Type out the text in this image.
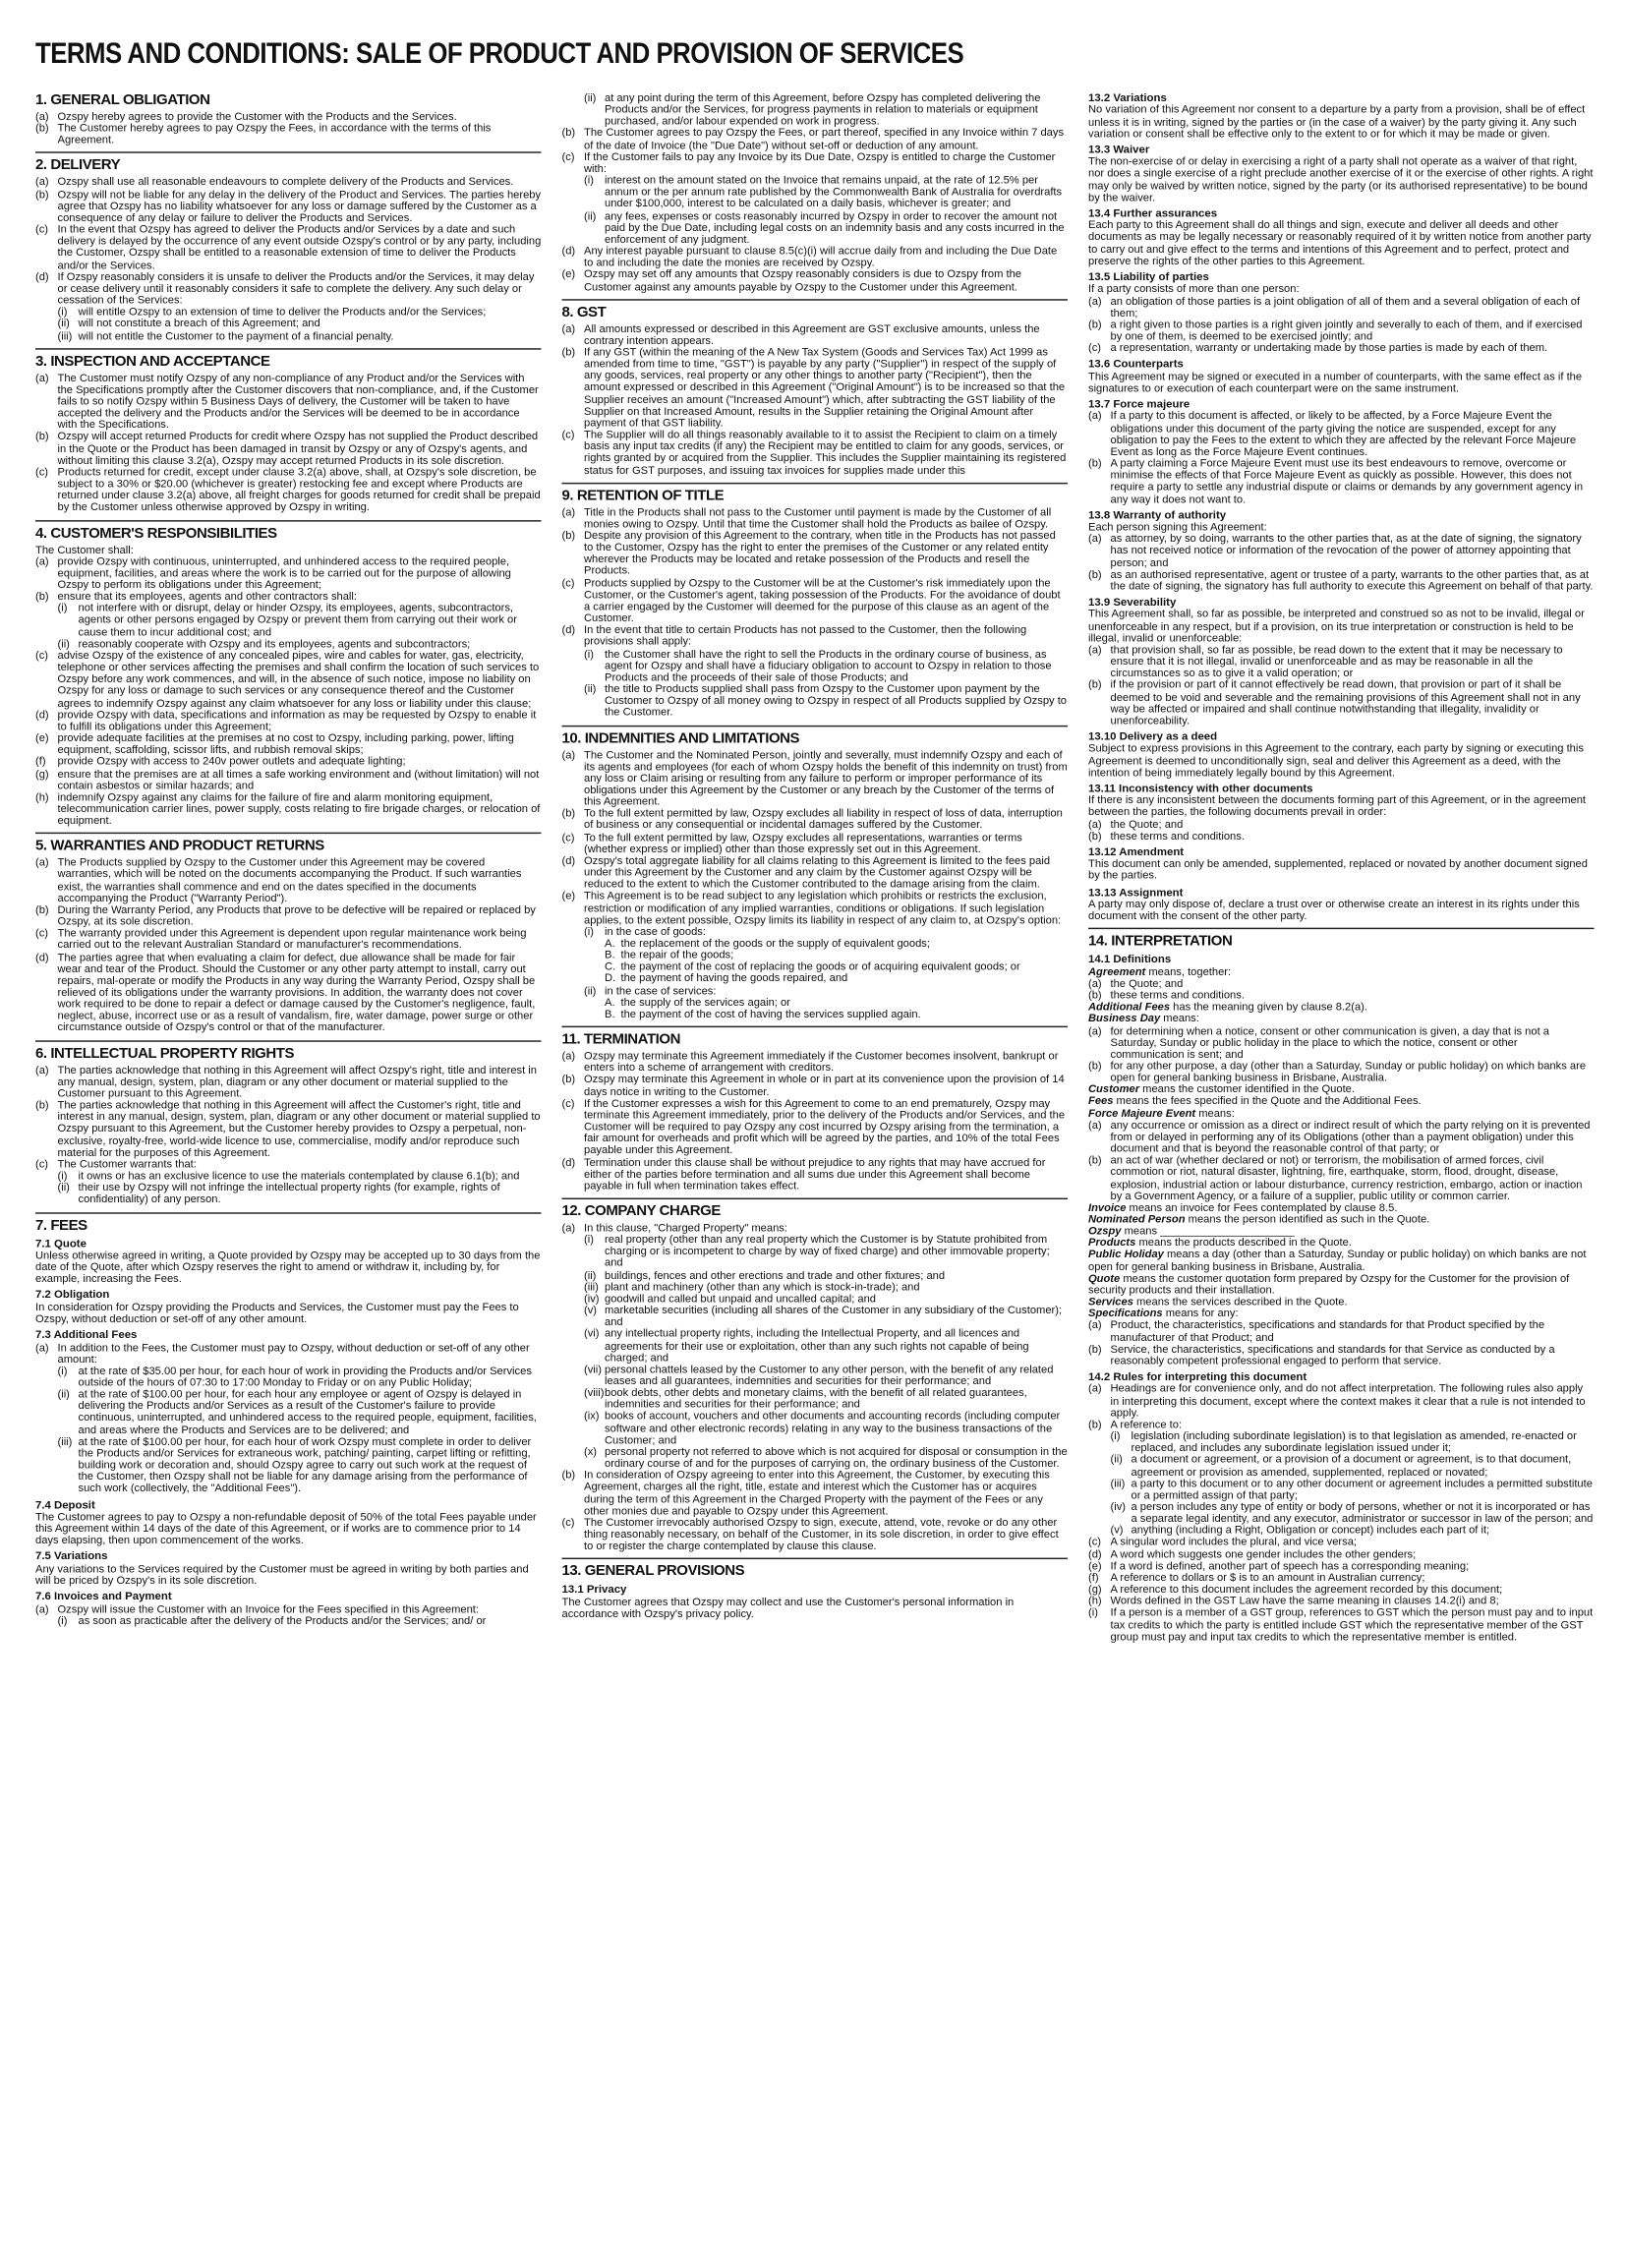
TERMS AND CONDITIONS: SALE OF PRODUCT AND PROVISION OF SERVICES
1. GENERAL OBLIGATION
(a)	Ozspy hereby agrees to provide the Customer with the Products and the Services.
(b)	The Customer hereby agrees to pay Ozspy the Fees, in accordance with the terms of this Agreement.
2. DELIVERY
(a)	Ozspy shall use all reasonable endeavours to complete delivery of the Products and Services.
(b)	Ozspy will not be liable for any delay in the delivery of the Product and Services. The parties hereby agree that Ozspy has no liability whatsoever for any loss or damage suffered by the Customer as a consequence of any delay or failure to deliver the Products and Services.
(c)	In the event that Ozspy has agreed to deliver the Products and/or Services by a date and such delivery is delayed by the occurrence of any event outside Ozspy's control or by any party, including the Customer, Ozspy shall be entitled to a reasonable extension of time to deliver the Products and/or the Services.
(d)	If Ozspy reasonably considers it is unsafe to deliver the Products and/or the Services, it may delay or cease delivery until it reasonably considers it safe to complete the delivery. Any such delay or cessation of the Services:
(i)	will entitle Ozspy to an extension of time to deliver the Products and/or the Services;
(ii)	will not constitute a breach of this Agreement; and
(iii) will not entitle the Customer to the payment of a financial penalty.
3. INSPECTION AND ACCEPTANCE
(a)	The Customer must notify Ozspy of any non-compliance of any Product and/or the Services with the Specifications promptly after the Customer discovers that non-compliance, and, if the Customer fails to so notify Ozspy within 5 Business Days of delivery, the Customer will be taken to have accepted the delivery and the Products and/or the Services will be deemed to be in accordance with the Specifications.
(b)	Ozspy will accept returned Products for credit where Ozspy has not supplied the Product described in the Quote or the Product has been damaged in transit by Ozspy or any of Ozspy's agents, and without limiting this clause 3.2(a), Ozspy may accept returned Products in its sole discretion.
(c)	Products returned for credit, except under clause 3.2(a) above, shall, at Ozspy's sole discretion, be subject to a 30% or $20.00 (whichever is greater) restocking fee and except where Products are returned under clause 3.2(a) above, all freight charges for goods returned for credit shall be prepaid by the Customer unless otherwise approved by Ozspy in writing.
4. CUSTOMER'S RESPONSIBILITIES

The Customer shall:

(a)	provide Ozspy with continuous, uninterrupted, and unhindered access to the required people, equipment, facilities, and areas where the work is to be carried out for the purpose of allowing Ozspy to perform its obligations under this Agreement;
(b)	ensure that its employees, agents and other contractors shall:
(i)	not interfere with or disrupt, delay or hinder Ozspy, its employees, agents, subcontractors, agents or other persons engaged by Ozspy or prevent them from carrying out their work or cause them to incur additional cost; and
(ii)	reasonably cooperate with Ozspy and its employees, agents and subcontractors;
(c)	advise Ozspy of the existence of any concealed pipes, wire and cables for water, gas, electricity, telephone or other services affecting the premises and shall confirm the location of such services to Ozspy before any work commences, and will, in the absence of such notice, impose no liability on Ozspy for any loss or damage to such services or any consequence thereof and the Customer agrees to indemnify Ozspy against any claim whatsoever for any loss or liability under this clause;
(d)	provide Ozspy with data, specifications and information as may be requested by Ozspy to enable it to fulfill its obligations under this Agreement;
(e)	provide adequate facilities at the premises at no cost to Ozspy, including parking, power, lifting equipment, scaffolding, scissor lifts, and rubbish removal skips;
(f)	provide Ozspy with access to 240v power outlets and adequate lighting;
(g)	ensure that the premises are at all times a safe working environment and (without limitation) will not contain asbestos or similar hazards; and
(h)	indemnify Ozspy against any claims for the failure of fire and alarm monitoring equipment, telecommunication carrier lines, power supply, costs relating to fire brigade charges, or relocation of equipment.
5. WARRANTIES AND PRODUCT RETURNS
(a)	The Products supplied by Ozspy to the Customer under this Agreement may be covered warranties, which will be noted on the documents accompanying the Product. If such warranties exist, the warranties shall commence and end on the dates specified in the documents accompanying the Product ("Warranty Period").
(b)	During the Warranty Period, any Products that prove to be defective will be repaired or replaced by Ozspy, at its sole discretion.
(c)	The warranty provided under this Agreement is dependent upon regular maintenance work being carried out to the relevant Australian Standard or manufacturer's recommendations.
(d)	The parties agree that when evaluating a claim for defect, due allowance shall be made for fair wear and tear of the Product. Should the Customer or any other party attempt to install, carry out repairs, mal-operate or modify the Products in any way during the Warranty Period, Ozspy shall be relieved of its obligations under the warranty provisions. In addition, the warranty does not cover work required to be done to repair a defect or damage caused by the Customer's negligence, fault, neglect, abuse, incorrect use or as a result of vandalism, fire, water damage, power surge or other circumstance outside of Ozspy's control or that of the manufacturer.
6. INTELLECTUAL PROPERTY RIGHTS
(a)	The parties acknowledge that nothing in this Agreement will affect Ozspy's right, title and interest in any manual, design, system, plan, diagram or any other document or material supplied to the Customer pursuant to this Agreement.
(b)	The parties acknowledge that nothing in this Agreement will affect the Customer's right, title and interest in any manual, design, system, plan, diagram or any other document or material supplied to Ozspy pursuant to this Agreement, but the Customer hereby provides to Ozspy a perpetual, non-exclusive, royalty-free, world-wide licence to use, commercialise, modify and/or reproduce such material for the purposes of this Agreement.
(c)	The Customer warrants that:
(i)	it owns or has an exclusive licence to use the materials contemplated by clause 6.1(b); and
(ii)	their use by Ozspy will not infringe the intellectual property rights (for example, rights of confidentiality) of any person.
7. FEES
7.1 Quote

Unless otherwise agreed in writing, a Quote provided by Ozspy may be accepted up to 30 days from the date of the Quote, after which Ozspy reserves the right to amend or withdraw it, including by, for example, increasing the Fees.

7.2 Obligation

In consideration for Ozspy providing the Products and Services, the Customer must pay the Fees to Ozspy, without deduction or set-off of any other amount.

7.3 Additional Fees
(a)	In addition to the Fees, the Customer must pay to Ozspy, without deduction or set-off of any other amount:
(i)	at the rate of $35.00 per hour, for each hour of work in providing the Products and/or Services outside of the hours of 07:30 to 17:00 Monday to Friday or on any Public Holiday;
(ii)	at the rate of $100.00 per hour, for each hour any employee or agent of Ozspy is delayed in delivering the Products and/or Services as a result of the Customer's failure to provide continuous, uninterrupted, and unhindered access to the required people, equipment, facilities, and areas where the Products and Services are to be delivered; and
(iii) at the rate of $100.00 per hour, for each hour of work Ozspy must complete in order to deliver the Products and/or Services for extraneous work, patching/ painting, carpet lifting or refitting, building work or decoration and, should Ozspy agree to carry out such work at the request of the Customer, then Ozspy shall not be liable for any damage arising from the performance of such work (collectively, the "Additional Fees").
7.4 Deposit

The Customer agrees to pay to Ozspy a non-refundable deposit of 50% of the total Fees payable under this Agreement within 14 days of the date of this Agreement, or if works are to commence prior to 14 days elapsing, then upon commencement of the works.

7.5 Variations

Any variations to the Services required by the Customer must be agreed in writing by both parties and will be priced by Ozspy's in its sole discretion.

7.6 Invoices and Payment
(a)	Ozspy will issue the Customer with an Invoice for the Fees specified in this Agreement:
(i)	as soon as practicable after the delivery of the Products and/or the Services; and/ or
(ii)	at any point during the term of this Agreement, before Ozspy has completed delivering the Products and/or the Services, for progress payments in relation to materials or equipment purchased, and/or labour expended on work in progress.
(b)	The Customer agrees to pay Ozspy the Fees, or part thereof, specified in any Invoice within 7 days of the date of Invoice (the "Due Date") without set-off or deduction of any amount.
(c)	If the Customer fails to pay any Invoice by its Due Date, Ozspy is entitled to charge the Customer with:
(i)	interest on the amount stated on the Invoice that remains unpaid, at the rate of 12.5% per annum or the per annum rate published by the Commonwealth Bank of Australia for overdrafts under $100,000, interest to be calculated on a daily basis, whichever is greater; and
(ii)	any fees, expenses or costs reasonably incurred by Ozspy in order to recover the amount not paid by the Due Date, including legal costs on an indemnity basis and any costs incurred in the enforcement of any judgment.
(d)	Any interest payable pursuant to clause 8.5(c)(i) will accrue daily from and including the Due Date to and including the date the monies are received by Ozspy.
(e)	Ozspy may set off any amounts that Ozspy reasonably considers is due to Ozspy from the Customer against any amounts payable by Ozspy to the Customer under this Agreement.
8. GST
(a)	All amounts expressed or described in this Agreement are GST exclusive amounts, unless the contrary intention appears.
(b)	If any GST (within the meaning of the A New Tax System (Goods and Services Tax) Act 1999 as amended from time to time, "GST") is payable by any party ("Supplier") in respect of the supply of any goods, services, real property or any other things to another party ("Recipient"), then the amount expressed or described in this Agreement ("Original Amount") is to be increased so that the Supplier receives an amount ("Increased Amount") which, after subtracting the GST liability of the Supplier on that Increased Amount, results in the Supplier retaining the Original Amount after payment of that GST liability.
(c)	The Supplier will do all things reasonably available to it to assist the Recipient to claim on a timely basis any input tax credits (if any) the Recipient may be entitled to claim for any goods, services, or rights granted by or acquired from the Supplier. This includes the Supplier maintaining its registered status for GST purposes, and issuing tax invoices for supplies made under this
9. RETENTION OF TITLE
(a)	Title in the Products shall not pass to the Customer until payment is made by the Customer of all monies owing to Ozspy. Until that time the Customer shall hold the Products as bailee of Ozspy.
(b)	Despite any provision of this Agreement to the contrary, when title in the Products has not passed to the Customer, Ozspy has the right to enter the premises of the Customer or any related entity wherever the Products may be located and retake possession of the Products and resell the Products.
(c)	Products supplied by Ozspy to the Customer will be at the Customer's risk immediately upon the Customer, or the Customer's agent, taking possession of the Products. For the avoidance of doubt a carrier engaged by the Customer will deemed for the purpose of this clause as an agent of the Customer.
(d)	In the event that title to certain Products has not passed to the Customer, then the following provisions shall apply:
(i)	the Customer shall have the right to sell the Products in the ordinary course of business, as agent for Ozspy and shall have a fiduciary obligation to account to Ozspy in relation to those Products and the proceeds of their sale of those Products; and
(ii)	the title to Products supplied shall pass from Ozspy to the Customer upon payment by the Customer to Ozspy of all money owing to Ozspy in respect of all Products supplied by Ozspy to the Customer.
10. INDEMNITIES AND LIMITATIONS
(a)	The Customer and the Nominated Person, jointly and severally, must indemnify Ozspy and each of its agents and employees (for each of whom Ozspy holds the benefit of this indemnity on trust) from any loss or Claim arising or resulting from any failure to perform or improper performance of its obligations under this Agreement by the Customer or any breach by the Customer of the terms of this Agreement.
(b)	To the full extent permitted by law, Ozspy excludes all liability in respect of loss of data, interruption of business or any consequential or incidental damages suffered by the Customer.
(c)	To the full extent permitted by law, Ozspy excludes all representations, warranties or terms (whether express or implied) other than those expressly set out in this Agreement.
(d)	Ozspy's total aggregate liability for all claims relating to this Agreement is limited to the fees paid under this Agreement by the Customer and any claim by the Customer against Ozspy will be reduced to the extent to which the Customer contributed to the damage arising from the claim.
(e)	This Agreement is to be read subject to any legislation which prohibits or restricts the exclusion, restriction or modification of any implied warranties, conditions or obligations. If such legislation applies, to the extent possible, Ozspy limits its liability in respect of any claim to, at Ozspy's option:
(i)	in the case of goods:
A. the replacement of the goods or the supply of equivalent goods;
B. the repair of the goods;
C. the payment of the cost of replacing the goods or of acquiring equivalent goods; or
D. the payment of having the goods repaired, and
(ii)	in the case of services:
A. the supply of the services again; or
B. the payment of the cost of having the services supplied again.
11. TERMINATION
(a)	Ozspy may terminate this Agreement immediately if the Customer becomes insolvent, bankrupt or enters into a scheme of arrangement with creditors.
(b)	Ozspy may terminate this Agreement in whole or in part at its convenience upon the provision of 14 days notice in writing to the Customer.
(c)	If the Customer expresses a wish for this Agreement to come to an end prematurely, Ozspy may terminate this Agreement immediately, prior to the delivery of the Products and/or Services, and the Customer will be required to pay Ozspy any cost incurred by Ozspy arising from the termination, a fair amount for overheads and profit which will be agreed by the parties, and 10% of the total Fees payable under this Agreement.
(d)	Termination under this clause shall be without prejudice to any rights that may have accrued for either of the parties before termination and all sums due under this Agreement shall become payable in full when termination takes effect.
12. COMPANY CHARGE
(a)	In this clause, "Charged Property" means:
(i)	real property (other than any real property which the Customer is by Statute prohibited from charging or is incompetent to charge by way of fixed charge) and other immovable property; and
(ii)	buildings, fences and other erections and trade and other fixtures; and
(iii) plant and machinery (other than any which is stock-in-trade); and
(iv) goodwill and called but unpaid and uncalled capital; and
(v)	marketable securities (including all shares of the Customer in any subsidiary of the Customer); and
(vi) any intellectual property rights, including the Intellectual Property, and all licences and agreements for their use or exploitation, other than any such rights not capable of being charged; and
(vii) personal chattels leased by the Customer to any other person, with the benefit of any related leases and all guarantees, indemnities and securities for their performance; and
(viii) book debts, other debts and monetary claims, with the benefit of all related guarantees, indemnities and securities for their performance; and
(ix) books of account, vouchers and other documents and accounting records (including computer software and other electronic records) relating in any way to the business transactions of the Customer; and
(x)	personal property not referred to above which is not acquired for disposal or consumption in the ordinary course of and for the purposes of carrying on, the ordinary business of the Customer.
(b)	In consideration of Ozspy agreeing to enter into this Agreement, the Customer, by executing this Agreement, charges all the right, title, estate and interest which the Customer has or acquires during the term of this Agreement in the Charged Property with the payment of the Fees or any other monies due and payable to Ozspy under this Agreement.
(c)	The Customer irrevocably authorised Ozspy to sign, execute, attend, vote, revoke or do any other thing reasonably necessary, on behalf of the Customer, in its sole discretion, in order to give effect to or register the charge contemplated by clause this clause.
13. GENERAL PROVISIONS
13.1 Privacy

The Customer agrees that Ozspy may collect and use the Customer's personal information in accordance with Ozspy's privacy policy.

13.2 Variations

No variation of this Agreement nor consent to a departure by a party from a provision, shall be of effect unless it is in writing, signed by the parties or (in the case of a waiver) by the party giving it. Any such variation or consent shall be effective only to the extent to or for which it may be made or given.

13.3 Waiver

The non-exercise of or delay in exercising a right of a party shall not operate as a waiver of that right, nor does a single exercise of a right preclude another exercise of it or the exercise of other rights. A right may only be waived by written notice, signed by the party (or its authorised representative) to be bound by the waiver.

13.4 Further assurances

Each party to this Agreement shall do all things and sign, execute and deliver all deeds and other documents as may be legally necessary or reasonably required of it by written notice from another party to carry out and give effect to the terms and intentions of this Agreement and to perfect, protect and preserve the rights of the other parties to this Agreement.

13.5 Liability of parties

If a party consists of more than one person:

(a)	an obligation of those parties is a joint obligation of all of them and a several obligation of each of them;
(b)	a right given to those parties is a right given jointly and severally to each of them, and if exercised by one of them, is deemed to be exercised jointly; and
(c)	a representation, warranty or undertaking made by those parties is made by each of them.
13.6 Counterparts

This Agreement may be signed or executed in a number of counterparts, with the same effect as if the signatures to or execution of each counterpart were on the same instrument.

13.7 Force majeure
(a)	If a party to this document is affected, or likely to be affected, by a Force Majeure Event the obligations under this document of the party giving the notice are suspended, except for any obligation to pay the Fees to the extent to which they are affected by the relevant Force Majeure Event as long as the Force Majeure Event continues.
(b)	A party claiming a Force Majeure Event must use its best endeavours to remove, overcome or minimise the effects of that Force Majeure Event as quickly as possible. However, this does not require a party to settle any industrial dispute or claims or demands by any government agency in any way it does not want to.
13.8 Warranty of authority

Each person signing this Agreement:

(a)	as attorney, by so doing, warrants to the other parties that, as at the date of signing, the signatory has not received notice or information of the revocation of the power of attorney appointing that person; and
(b)	as an authorised representative, agent or trustee of a party, warrants to the other parties that, as at the date of signing, the signatory has full authority to execute this Agreement on behalf of that party.
13.9 Severability

This Agreement shall, so far as possible, be interpreted and construed so as not to be invalid, illegal or unenforceable in any respect, but if a provision, on its true interpretation or construction is held to be illegal, invalid or unenforceable:

(a)	that provision shall, so far as possible, be read down to the extent that it may be necessary to ensure that it is not illegal, invalid or unenforceable and as may be reasonable in all the circumstances so as to give it a valid operation; or
(b)	if the provision or part of it cannot effectively be read down, that provision or part of it shall be deemed to be void and severable and the remaining provisions of this Agreement shall not in any way be affected or impaired and shall continue notwithstanding that illegality, invalidity or unenforceability.
13.10 Delivery as a deed

Subject to express provisions in this Agreement to the contrary, each party by signing or executing this Agreement is deemed to unconditionally sign, seal and deliver this Agreement as a deed, with the intention of being immediately legally bound by this Agreement.

13.11 Inconsistency with other documents

If there is any inconsistent between the documents forming part of this Agreement, or in the agreement between the parties, the following documents prevail in order:

(a)	the Quote; and
(b)	these terms and conditions.
13.12 Amendment

This document can only be amended, supplemented, replaced or novated by another document signed by the parties.

13.13 Assignment

A party may only dispose of, declare a trust over or otherwise create an interest in its rights under this document with the consent of the other party.

14. INTERPRETATION
14.1 Definitions

Agreement means, together:

(a)	the Quote; and
(b)	these terms and conditions.

Additional Fees has the meaning given by clause 8.2(a).

Business Day means:

(a)	for determining when a notice, consent or other communication is given, a day that is not a Saturday, Sunday or public holiday in the place to which the notice, consent or other communication is sent; and
(b)	for any other purpose, a day (other than a Saturday, Sunday or public holiday) on which banks are open for general banking business in Brisbane, Australia.

Customer means the customer identified in the Quote.

Fees means the fees specified in the Quote and the Additional Fees.

Force Majeure Event means:

(a)	any occurrence or omission as a direct or indirect result of which the party relying on it is prevented from or delayed in performing any of its Obligations (other than a payment obligation) under this document and that is beyond the reasonable control of that party; or
(b)	an act of war (whether declared or not) or terrorism, the mobilisation of armed forces, civil commotion or riot, natural disaster, lightning, fire, earthquake, storm, flood, drought, disease, explosion, industrial action or labour disturbance, currency restriction, embargo, action or inaction by a Government Agency, or a failure of a supplier, public utility or common carrier.

Invoice means an invoice for Fees contemplated by clause 8.5.

Nominated Person means the person identified as such in the Quote.

Ozspy means ______________________

Products means the products described in the Quote.

Public Holiday means a day (other than a Saturday, Sunday or public holiday) on which banks are not open for general banking business in Brisbane, Australia.

Quote means the customer quotation form prepared by Ozspy for the Customer for the provision of security products and their installation.

Services means the services described in the Quote.

Specifications means for any:

(a)	Product, the characteristics, specifications and standards for that Product specified by the manufacturer of that Product; and
(b)	Service, the characteristics, specifications and standards for that Service as conducted by a reasonably competent professional engaged to perform that service.
14.2 Rules for interpreting this document
(a)	Headings are for convenience only, and do not affect interpretation. The following rules also apply in interpreting this document, except where the context makes it clear that a rule is not intended to apply.
(b)	A reference to:
(i)	legislation (including subordinate legislation) is to that legislation as amended, re-enacted or replaced, and includes any subordinate legislation issued under it;
(ii)	a document or agreement, or a provision of a document or agreement, is to that document, agreement or provision as amended, supplemented, replaced or novated;
(iii) a party to this document or to any other document or agreement includes a permitted substitute or a permitted assign of that party;
(iv) a person includes any type of entity or body of persons, whether or not it is incorporated or has a separate legal identity, and any executor, administrator or successor in law of the person; and
(v)	anything (including a Right, Obligation or concept) includes each part of it;
(c)	A singular word includes the plural, and vice versa;
(d)	A word which suggests one gender includes the other genders;
(e)	If a word is defined, another part of speech has a corresponding meaning;
(f)	A reference to dollars or $ is to an amount in Australian currency;
(g)	A reference to this document includes the agreement recorded by this document;
(h)	Words defined in the GST Law have the same meaning in clauses 14.2(i) and 8;
(i)	If a person is a member of a GST group, references to GST which the person must pay and to input tax credits to which the party is entitled include GST which the representative member of the GST group must pay and input tax credits to which the representative member is entitled.
